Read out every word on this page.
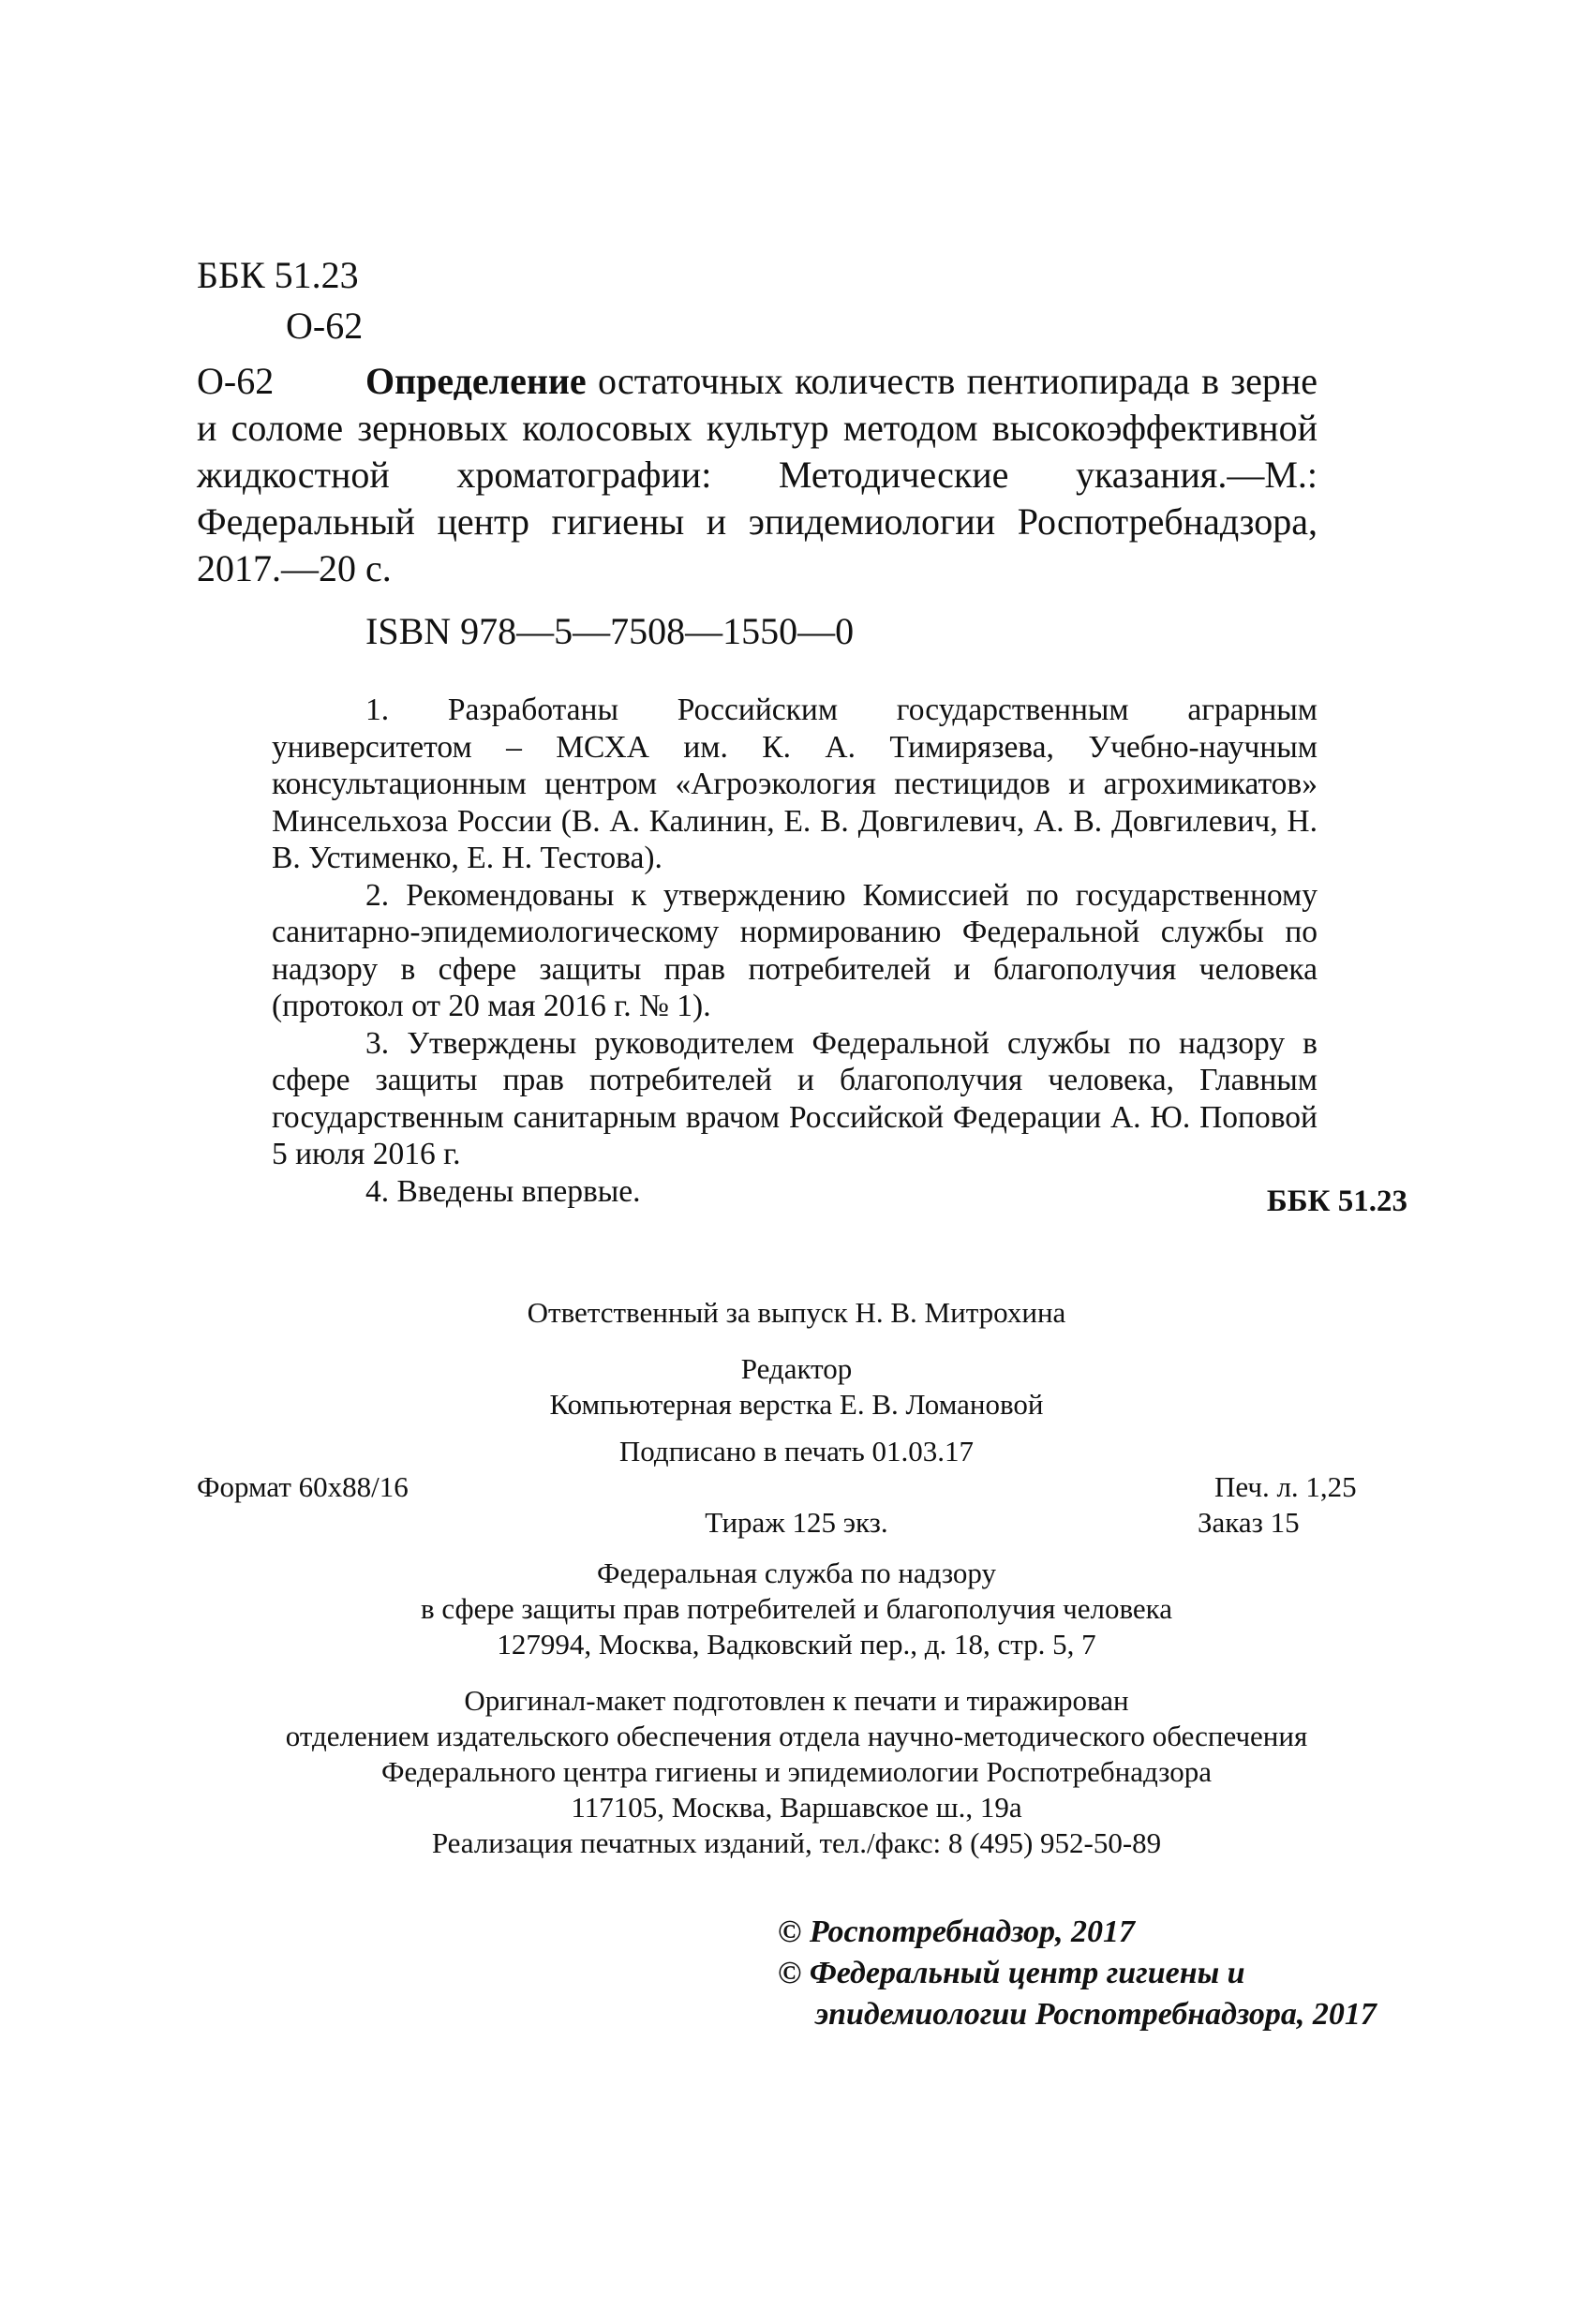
ББК 51.23
О-62
Определение остаточных количеств пентиопирада в зерне и соломе зерновых колосовых культур методом высокоэффективной жидкостной хроматографии: Методические указания.—М.: Федеральный центр гигиены и эпидемиологии Роспотребнадзора, 2017.—20 с.
О-62
ISBN 978—5—7508—1550—0

1. Разработаны Российским государственным аграрным университетом – МСХА им. К. А. Тимирязева, Учебно-научным консультационным центром «Агроэкология пестицидов и агрохимикатов» Минсельхоза России (В. А. Калинин, Е. В. Довгилевич, А. В. Довгилевич, Н. В. Устименко, Е. Н. Тестова).

2. Рекомендованы к утверждению Комиссией по государственному санитарно-эпидемиологическому нормированию Федеральной службы по надзору в сфере защиты прав потребителей и благополучия человека (протокол от 20 мая 2016 г. № 1).

3. Утверждены руководителем Федеральной службы по надзору в сфере защиты прав потребителей и благополучия человека, Главным государственным санитарным врачом Российской Федерации А. Ю. Поповой 5 июля 2016 г.

4. Введены впервые.	ББК 51.23
Ответственный за выпуск Н. В. Митрохина
Редактор
Компьютерная верстка Е. В. Ломановой
Подписано в печать 01.03.17
Формат 60x88/16	Печ. л. 1,25
Тираж 125 экз.	Заказ 15
Федеральная служба по надзору
в сфере защиты прав потребителей и благополучия человека
127994, Москва, Вадковский пер., д. 18, стр. 5, 7
Оригинал-макет подготовлен к печати и тиражирован
отделением издательского обеспечения отдела научно-методического обеспечения
Федерального центра гигиены и эпидемиологии Роспотребнадзора
117105, Москва, Варшавское ш., 19а
Реализация печатных изданий, тел./факс: 8 (495) 952-50-89
© Роспотребнадзор, 2017
© Федеральный центр гигиены и
эпидемиологии Роспотребнадзора, 2017
